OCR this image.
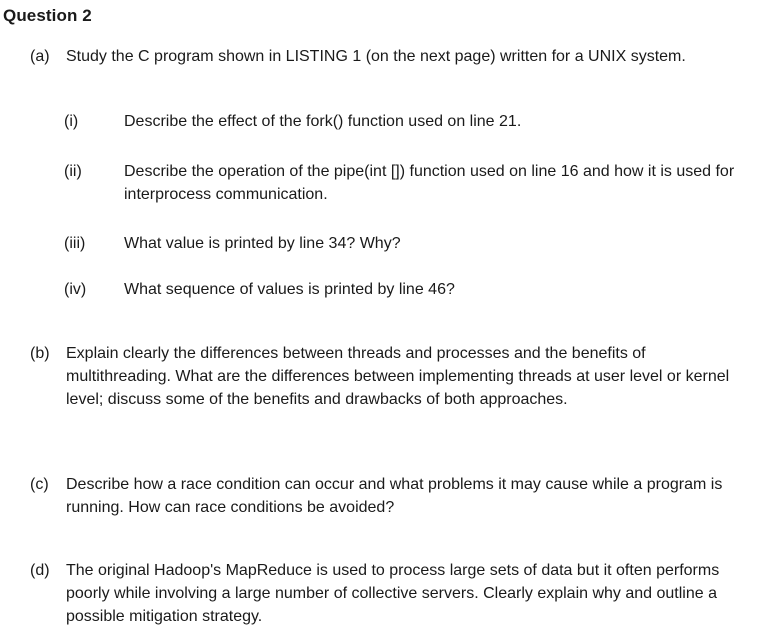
Question 2
(a) Study the C program shown in LISTING 1 (on the next page) written for a UNIX system.
(i)	Describe the effect of the fork() function used on line 21.
(ii)	Describe the operation of the pipe(int []) function used on line 16 and how it is used for interprocess communication.
(iii) What value is printed by line 34? Why?
(iv) What sequence of values is printed by line 46?
(b) Explain clearly the differences between threads and processes and the benefits of multithreading. What are the differences between implementing threads at user level or kernel level; discuss some of the benefits and drawbacks of both approaches.
(c) Describe how a race condition can occur and what problems it may cause while a program is running. How can race conditions be avoided?
(d) The original Hadoop's MapReduce is used to process large sets of data but it often performs poorly while involving a large number of collective servers. Clearly explain why and outline a possible mitigation strategy.
